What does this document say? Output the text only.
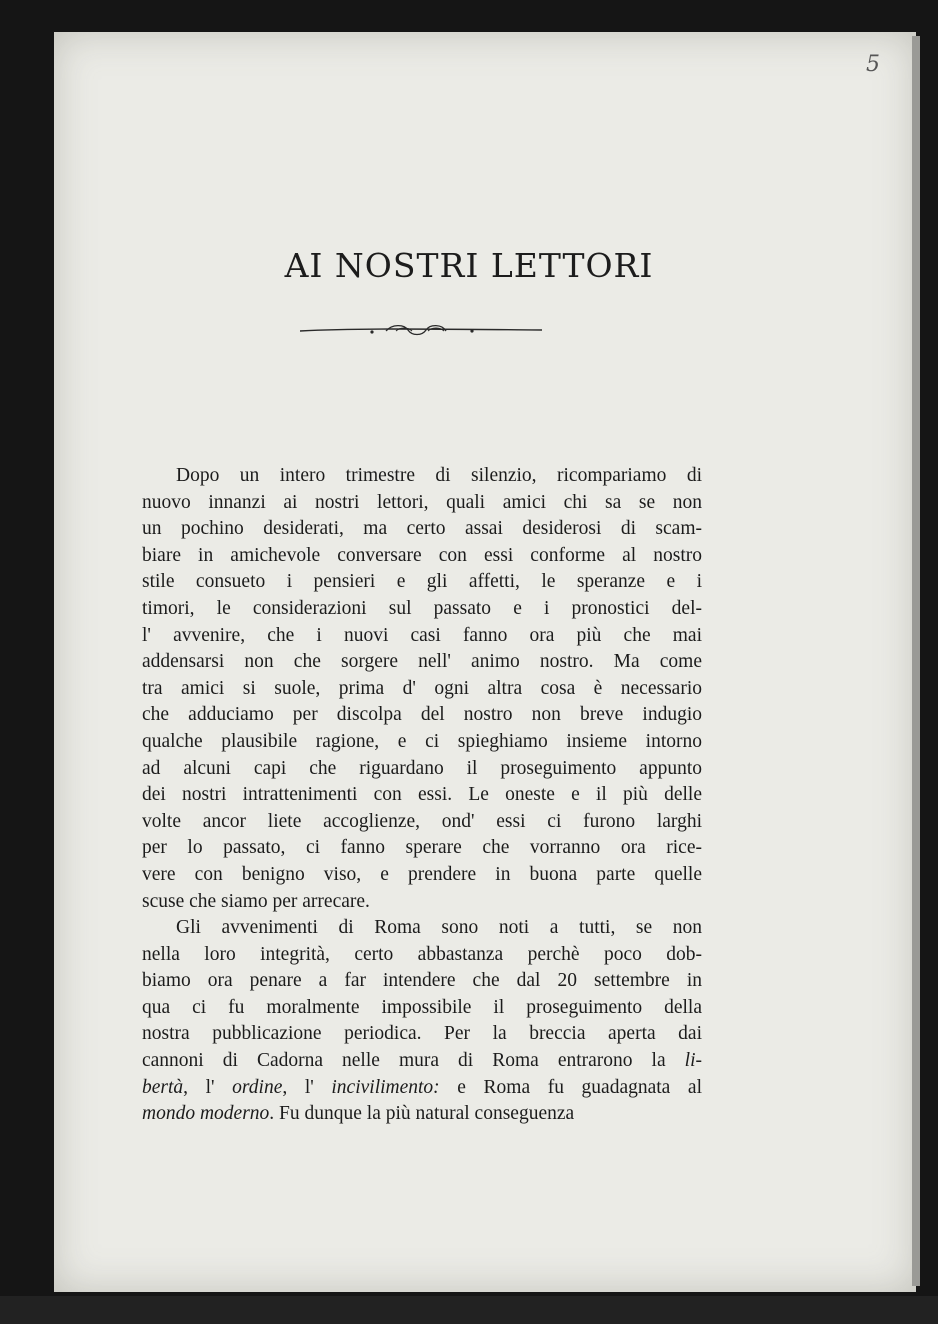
5
AI NOSTRI LETTORI
Dopo un intero trimestre di silenzio, ricompariamo di
nuovo innanzi ai nostri lettori, quali amici chi sa se non
un pochino desiderati, ma certo assai desiderosi di scam-
biare in amichevole conversare con essi conforme al nostro
stile consueto i pensieri e gli affetti, le speranze e i
timori, le considerazioni sul passato e i pronostici del-
l' avvenire, che i nuovi casi fanno ora più che mai
addensarsi non che sorgere nell' animo nostro. Ma come
tra amici si suole, prima d' ogni altra cosa è necessario
che adduciamo per discolpa del nostro non breve indugio
qualche plausibile ragione, e ci spieghiamo insieme intorno
ad alcuni capi che riguardano il proseguimento appunto
dei nostri intrattenimenti con essi. Le oneste e il più delle
volte ancor liete accoglienze, ond' essi ci furono larghi
per lo passato, ci fanno sperare che vorranno ora rice-
vere con benigno viso, e prendere in buona parte quelle
scuse che siamo per arrecare.
Gli avvenimenti di Roma sono noti a tutti, se non
nella loro integrità, certo abbastanza perchè poco dob-
biamo ora penare a far intendere che dal 20 settembre in
qua ci fu moralmente impossibile il proseguimento della
nostra pubblicazione periodica. Per la breccia aperta dai
cannoni di Cadorna nelle mura di Roma entrarono la li-
bertà, l' ordine, l' incivilimento: e Roma fu guadagnata al
mondo moderno. Fu dunque la più natural conseguenza
